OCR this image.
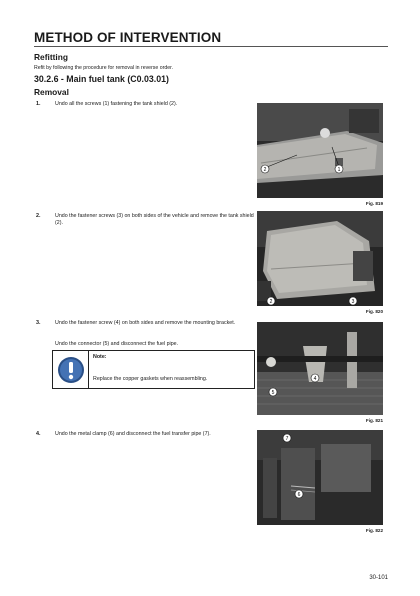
METHOD OF INTERVENTION
Refitting
Refit by following the procedure for removal in reverse order.
30.2.6 - Main fuel tank (C0.03.01)
Removal
1.	Undo all the screws (1) fastening the tank shield (2).
1
2
Fig. 819
2.	Undo the fastener screws (3) on both sides of the vehicle and remove the tank shield (2).
2	3
Fig. 820
3.	Undo the fastener screw (4) on both sides and remove the mounting bracket.
Undo the connector (5) and disconnect the fuel pipe.
Note:
Replace the copper gaskets when reassembling.	4
5
Fig. 821
4.	Undo the metal clamp (6) and disconnect the fuel transfer pipe (7).
6
7
Fig. 822
30-101
